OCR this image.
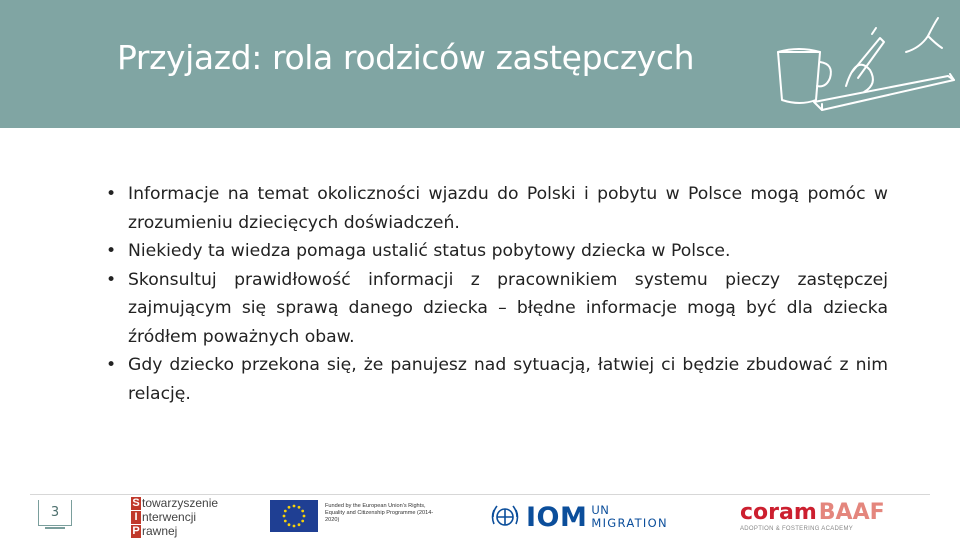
Przyjazd: rola rodziców zastępczych
• Informacje na temat okoliczności wjazdu do Polski i pobytu w Polsce mogą pomóc w zrozumieniu dziecięcych doświadczeń.
• Niekiedy ta wiedza pomaga ustalić status pobytowy dziecka w Polsce.
• Skonsultuj prawidłowość informacji z pracownikiem systemu pieczy zastępczej zajmującym się sprawą danego dziecka – błędne informacje mogą być dla dziecka źródłem poważnych obaw.
• Gdy dziecko przekona się, że panujesz nad sytuacją, łatwiej ci będzie zbudować z nim relację.
3
S towarzyszenie
I nterwencji
P rawnej
Funded by the European Union's Rights, Equality and Citizenship Programme (2014-2020)	IOM UN
MIGRATION	coram BAAF
ADOPTION & FOSTERING ACADEMY
